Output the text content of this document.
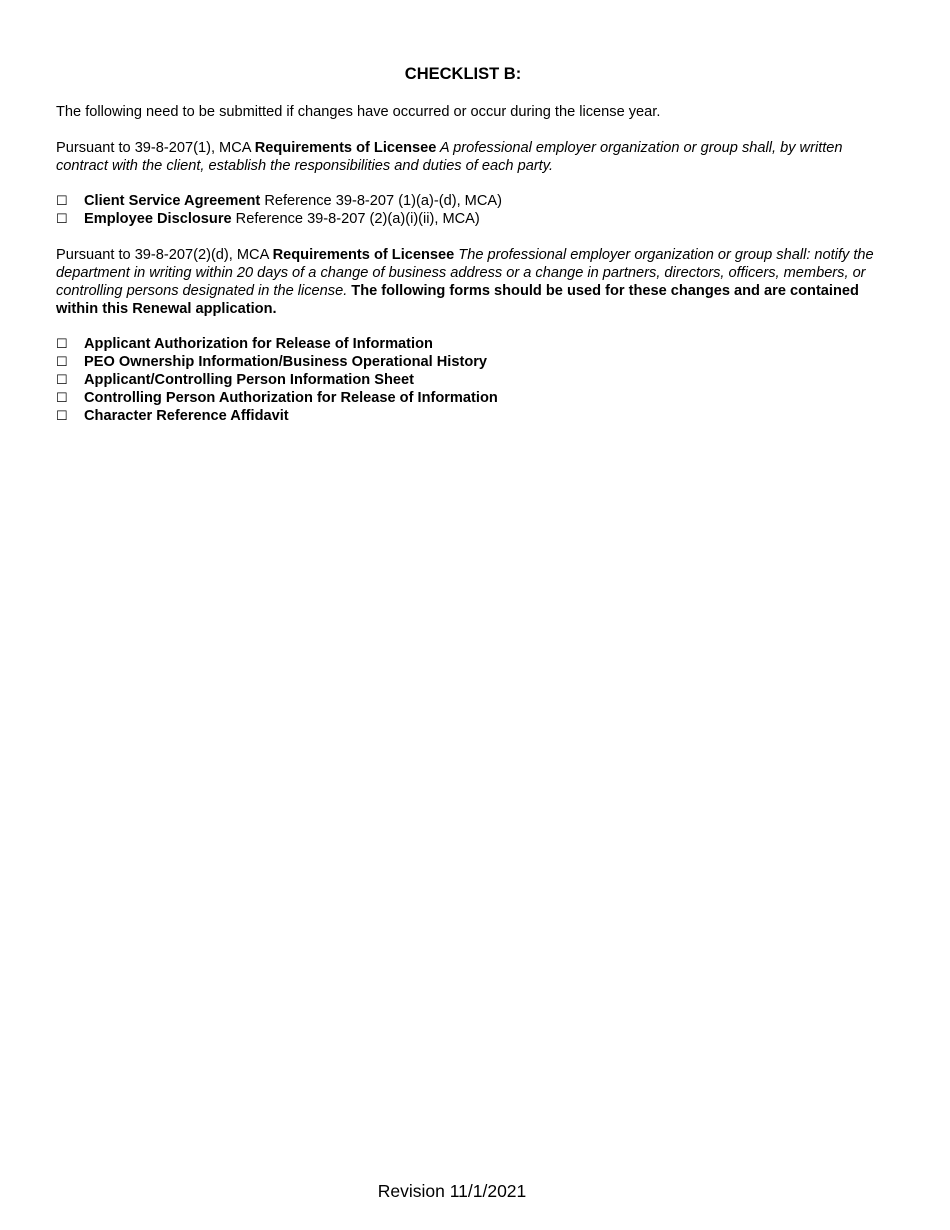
CHECKLIST B:

The following need to be submitted if changes have occurred or occur during the license year.

Pursuant to 39-8-207(1), MCA Requirements of Licensee A professional employer organization or group shall, by written contract with the client, establish the responsibilities and duties of each party.

☐	Client Service Agreement Reference 39-8-207 (1)(a)-(d), MCA)
☐	Employee Disclosure Reference 39-8-207 (2)(a)(i)(ii), MCA)

Pursuant to 39-8-207(2)(d), MCA Requirements of Licensee The professional employer organization or group shall: notify the department in writing within 20 days of a change of business address or a change in partners, directors, officers, members, or controlling persons designated in the license. The following forms should be used for these changes and are contained within this Renewal application.

☐	Applicant Authorization for Release of Information
☐	PEO Ownership Information/Business Operational History
☐	Applicant/Controlling Person Information Sheet
☐	Controlling Person Authorization for Release of Information
☐	Character Reference Affidavit
Revision 11/1/2021
